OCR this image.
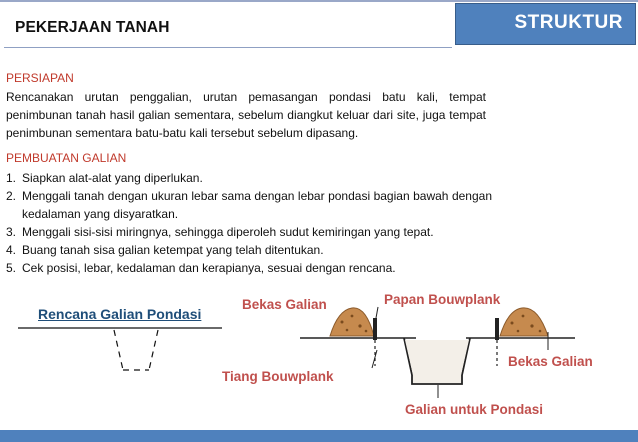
PEKERJAAN TANAH	STRUKTUR
PERSIAPAN
Rencanakan urutan penggalian, urutan pemasangan pondasi batu kali, tempat penimbunan tanah hasil galian sementara, sebelum diangkut keluar dari site, juga tempat penimbunan sementara batu-batu kali tersebut sebelum dipasang.
PEMBUATAN GALIAN
1. Siapkan alat-alat yang diperlukan.
2. Menggali tanah dengan ukuran lebar sama dengan lebar pondasi bagian bawah dengan kedalaman yang disyaratkan.
3. Menggali sisi-sisi miringnya, sehingga diperoleh sudut kemiringan yang tepat.
4. Buang tanah sisa galian ketempat yang telah ditentukan.
5. Cek posisi, lebar, kedalaman dan kerapianya, sesuai dengan rencana.
Rencana Galian Pondasi
Bekas Galian	Papan Bouwplank
Bekas Galian
Tiang Bouwplank
Galian untuk Pondasi
